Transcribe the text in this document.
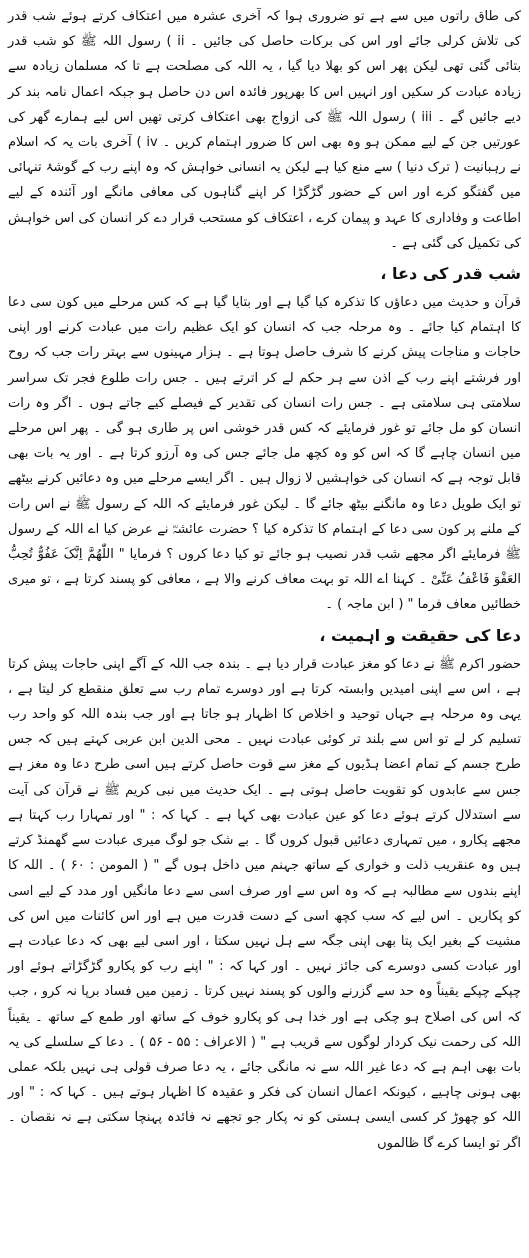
کی طاق راتوں میں سے ہے تو ضروری ہوا کہ آخری عشرہ میں اعتکاف کرتے ہوئے شب قدر کی تلاش کرلی جائے اور اس کی برکات حاصل کی جائیں ۔ ii ) رسول اللہ ﷺ کو شب قدر بتائی گئی تھی لیکن پھر اس کو بھلا دیا گیا ، یہ اللہ کی مصلحت ہے تا کہ مسلمان زیادہ سے زیادہ عبادت کر سکیں اور انہیں اس کا بھرپور فائدہ اس دن حاصل ہو جبکہ اعمال نامہ بند کر دیے جائیں گے ۔ iii ) رسول اللہ ﷺ کی ازواج بھی اعتکاف کرتی تھیں اس لیے ہمارے گھر کی عورتیں جن کے لیے ممکن ہو وہ بھی اس کا ضرور اہتمام کریں ۔ iv ) آخری بات یہ کہ اسلام نے رہبانیت ( ترک دنیا ) سے منع کیا ہے لیکن یہ انسانی خواہش کہ وہ اپنے رب کے گوشۂ تنہائی میں گفتگو کرے اور اس کے حضور گڑگڑا کر اپنے گناہوں کی معافی مانگے اور آئندہ کے لیے اطاعت و وفاداری کا عہد و پیمان کرے ، اعتکاف کو مستحب قرار دے کر انسان کی اس خواہش کی تکمیل کی گئی ہے ۔

شب قدر کی دعا ،

قرآن و حدیث میں دعاؤں کا تذکرہ کیا گیا ہے اور بتایا گیا ہے کہ کس مرحلے میں کون سی دعا کا اہتمام کیا جائے ۔ وہ مرحلہ جب کہ انسان کو ایک عظیم رات میں عبادت کرنے اور اپنی حاجات و مناجات پیش کرنے کا شرف حاصل ہوتا ہے ۔ ہزار مہینوں سے بہتر رات جب کہ روح اور فرشتے اپنے رب کے اذن سے ہر حکم لے کر اترتے ہیں ۔ جس رات طلوع فجر تک سراسر سلامتی ہی سلامتی ہے ۔ جس رات انسان کی تقدیر کے فیصلے کیے جاتے ہوں ۔ اگر وہ رات انسان کو مل جائے تو غور فرمایئے کہ کس قدر خوشی اس پر طاری ہو گی ۔ پھر اس مرحلے میں انسان چاہے گا کہ اس کو وہ کچھ مل جائے جس کی وہ آرزو کرتا ہے ۔ اور یہ بات بھی قابل توجہ ہے کہ انسان کی خواہشیں لا زوال ہیں ۔ اگر ایسے مرحلے میں وہ دعائیں کرنے بیٹھے تو ایک طویل دعا وہ مانگنے بیٹھ جائے گا ۔ لیکن غور فرمایئے کہ اللہ کے رسول ﷺ نے اس رات کے ملنے پر کون سی دعا کے اہتمام کا تذکرہ کیا ؟ حضرت عائشہؓ نے عرض کیا اے اللہ کے رسول ﷺ فرمایئے اگر مجھے شب قدر نصیب ہو جائے تو کیا دعا کروں ؟ فرمایا " اللّٰھُمَّ اِنَّکَ عَفُوٌّ تُحِبُّ العَفْوَ فَاعْفُ عَنِّیْ ۔ کہنا اے اللہ تو بہت معاف کرنے والا ہے ، معافی کو پسند کرتا ہے ، تو میری خطائیں معاف فرما " ( ابن ماجہ ) ۔

دعا کی حقیقت و اہمیت ،

حضور اکرم ﷺ نے دعا کو مغز عبادت قرار دیا ہے ۔ بندہ جب اللہ کے آگے اپنی حاجات پیش کرتا ہے ، اس سے اپنی امیدیں وابستہ کرتا ہے اور دوسرے تمام رب سے تعلق منقطع کر لیتا ہے ، یہی وہ مرحلہ ہے جہاں توحید و اخلاص کا اظہار ہو جاتا ہے اور جب بندہ اللہ کو واحد رب تسلیم کر لے تو اس سے بلند تر کوئی عبادت نہیں ۔ محی الدین ابن عربی کہتے ہیں کہ جس طرح جسم کے تمام اعضا ہڈیوں کے مغز سے قوت حاصل کرتے ہیں اسی طرح دعا وہ مغز ہے جس سے عابدوں کو تقویت حاصل ہوتی ہے ۔ ایک حدیث میں نبی کریم ﷺ نے قرآن کی آیت سے استدلال کرتے ہوئے دعا کو عین عبادت بھی کہا ہے ۔ کہا کہ : " اور تمہارا رب کہتا ہے مجھے پکارو ، میں تمہاری دعائیں قبول کروں گا ۔ بے شک جو لوگ میری عبادت سے گھمنڈ کرتے ہیں وہ عنقریب ذلت و خواری کے ساتھ جہنم میں داخل ہوں گے " ( المومن : ۶۰ ) ۔ اللہ کا اپنے بندوں سے مطالبہ ہے کہ وہ اس سے اور صرف اسی سے دعا مانگیں اور مدد کے لیے اسی کو پکاریں ۔ اس لیے کہ سب کچھ اسی کے دست قدرت میں ہے اور اس کائنات میں اس کی مشیت کے بغیر ایک پتا بھی اپنی جگہ سے ہل نہیں سکتا ، اور اسی لیے بھی کہ دعا عبادت ہے اور عبادت کسی دوسرے کی جائز نہیں ۔ اور کہا کہ : " اپنے رب کو پکارو گڑگڑاتے ہوئے اور چپکے چپکے یقیناً وہ حد سے گزرنے والوں کو پسند نہیں کرتا ۔ زمین میں فساد برپا نہ کرو ، جب کہ اس کی اصلاح ہو چکی ہے اور خدا ہی کو پکارو خوف کے ساتھ اور طمع کے ساتھ ۔ یقیناً اللہ کی رحمت نیک کردار لوگوں سے قریب ہے " ( الاعراف : ۵۵ - ۵۶ ) ۔ دعا کے سلسلے کی یہ بات بھی اہم ہے کہ دعا غیر اللہ سے نہ مانگی جائے ، یہ دعا صرف قولی ہی نہیں بلکہ عملی بھی ہونی چاہیے ، کیونکہ اعمال انسان کی فکر و عقیدہ کا اظہار ہوتے ہیں ۔ کہا کہ : " اور اللہ کو چھوڑ کر کسی ایسی ہستی کو نہ پکار جو تجھے نہ فائدہ پہنچا سکتی ہے نہ نقصان ۔ اگر تو ایسا کرے گا ظالموں
